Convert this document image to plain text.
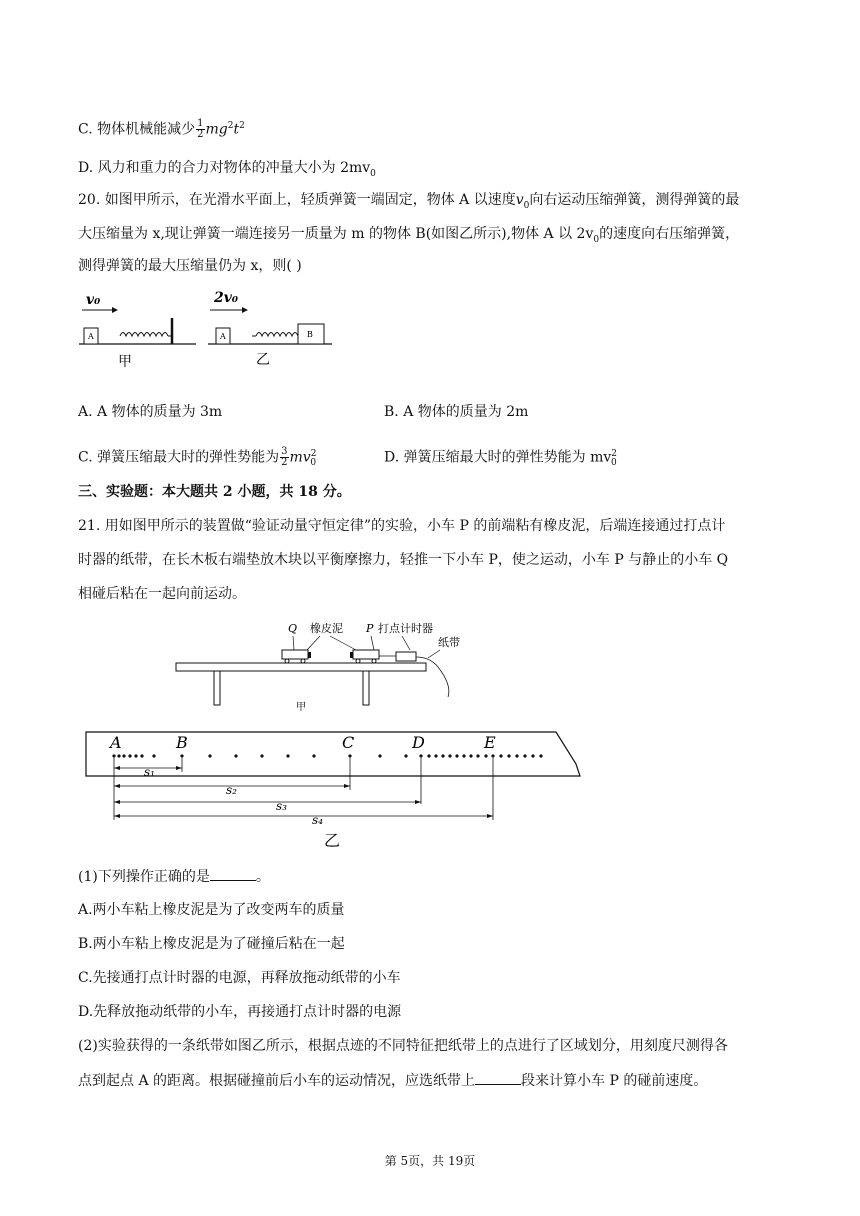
C. 物体机械能减少 $\frac{1}{2} mg^2t^2$
D. 风力和重力的合力对物体的冲量大小为 $2mv_0$
20. 如图甲所示，在光滑水平面上，轻质弹簧一端固定，物体 A 以速度$v_0$向右运动压缩弹簧，测得弹簧的最
大压缩量为 x,现让弹簧一端连接另一质量为 m 的物体 B(如图乙所示),物体 A 以 $2v_0$的速度向右压缩弹簧，
测得弹簧的最大压缩量仍为 x，则( )
v₀
A
甲
2v₀
A	B
乙
A. A 物体的质量为 3m	B. A 物体的质量为 2m
C. 弹簧压缩最大时的弹性势能为 $\frac{3}{2} mv^2_0$	D. 弹簧压缩最大时的弹性势能为 $mv^2_0$
三、实验题：本大题共 2 小题，共 18 分。
21. 用如图甲所示的装置做“验证动量守恒定律”的实验，小车 P 的前端粘有橡皮泥，后端连接通过打点计
时器的纸带，在长木板右端垫放木块以平衡摩擦力，轻推一下小车 P，使之运动，小车 P 与静止的小车 Q
相碰后粘在一起向前运动。
Q 橡皮泥 P 打点计时器
纸带
甲
A	B	C	D	E
s₁
s₂
s₃
s₄
乙
(1)下列操作正确的是	。
A.两小车粘上橡皮泥是为了改变两车的质量
B.两小车粘上橡皮泥是为了碰撞后粘在一起
C.先接通打点计时器的电源，再释放拖动纸带的小车
D.先释放拖动纸带的小车，再接通打点计时器的电源
(2)实验获得的一条纸带如图乙所示，根据点迹的不同特征把纸带上的点进行了区域划分，用刻度尺测得各
点到起点 A 的距离。根据碰撞前后小车的运动情况，应选纸带上	段来计算小车 P 的碰前速度。
第 5页，共 19页
